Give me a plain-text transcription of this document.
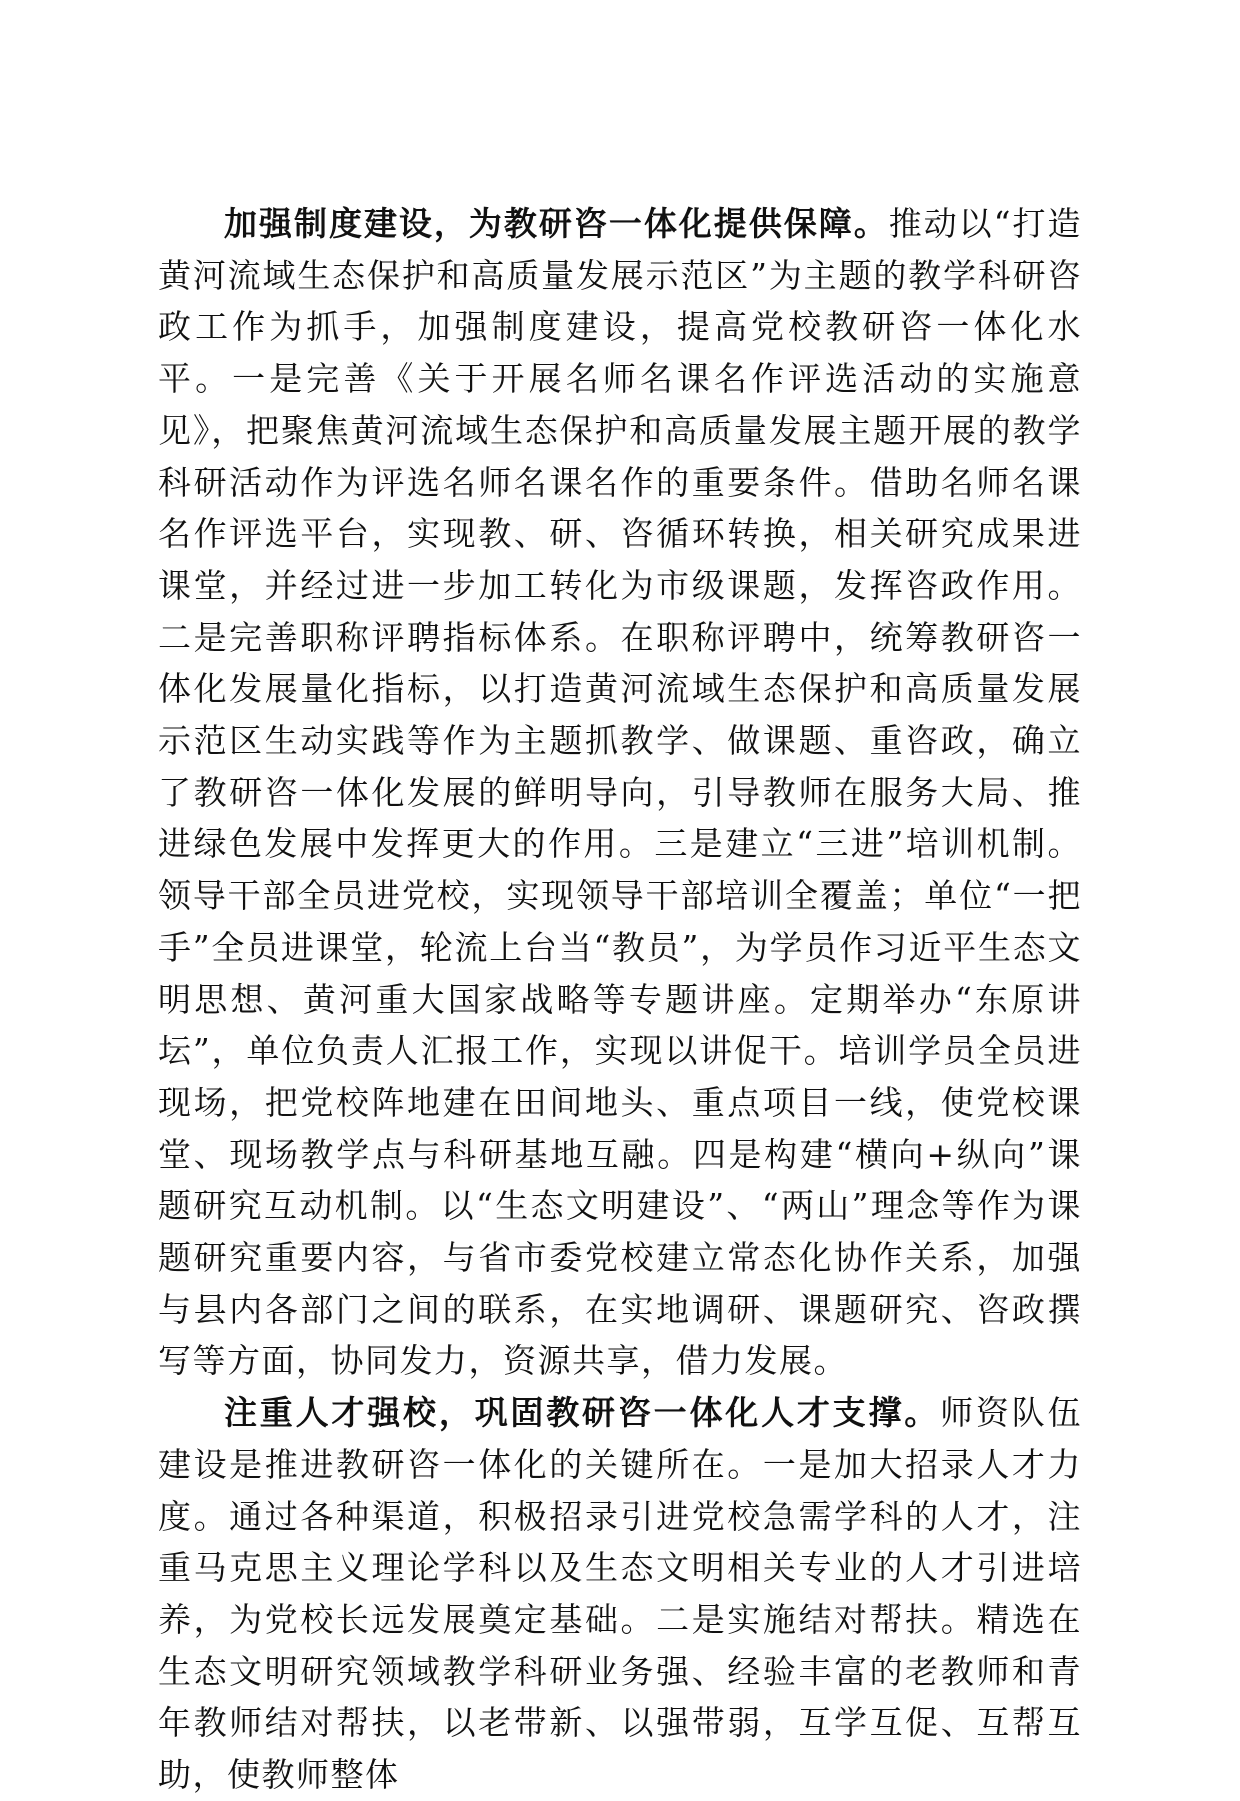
加强制度建设，为教研咨一体化提供保障。推动以“打造黄河流域生态保护和高质量发展示范区”为主题的教学科研咨政工作为抓手，加强制度建设，提高党校教研咨一体化水平。一是完善《关于开展名师名课名作评选活动的实施意见》，把聚焦黄河流域生态保护和高质量发展主题开展的教学科研活动作为评选名师名课名作的重要条件。借助名师名课名作评选平台，实现教、研、咨循环转换，相关研究成果进课堂，并经过进一步加工转化为市级课题，发挥咨政作用。二是完善职称评聘指标体系。在职称评聘中，统筹教研咨一体化发展量化指标，以打造黄河流域生态保护和高质量发展示范区生动实践等作为主题抓教学、做课题、重咨政，确立了教研咨一体化发展的鲜明导向，引导教师在服务大局、推进绿色发展中发挥更大的作用。三是建立“三进”培训机制。领导干部全员进党校，实现领导干部培训全覆盖；单位“一把手”全员进课堂，轮流上台当“教员”，为学员作习近平生态文明思想、黄河重大国家战略等专题讲座。定期举办“东原讲坛”，单位负责人汇报工作，实现以讲促干。培训学员全员进现场，把党校阵地建在田间地头、重点项目一线，使党校课堂、现场教学点与科研基地互融。四是构建“横向+纵向”课题研究互动机制。以“生态文明建设”、“两山”理念等作为课题研究重要内容，与省市委党校建立常态化协作关系，加强与县内各部门之间的联系，在实地调研、课题研究、咨政撰写等方面，协同发力，资源共享，借力发展。

注重人才强校，巩固教研咨一体化人才支撑。师资队伍建设是推进教研咨一体化的关键所在。一是加大招录人才力度。通过各种渠道，积极招录引进党校急需学科的人才，注重马克思主义理论学科以及生态文明相关专业的人才引进培养，为党校长远发展奠定基础。二是实施结对帮扶。精选在生态文明研究领域教学科研业务强、经验丰富的老教师和青年教师结对帮扶，以老带新、以强带弱，互学互促、互帮互助，使教师整体
